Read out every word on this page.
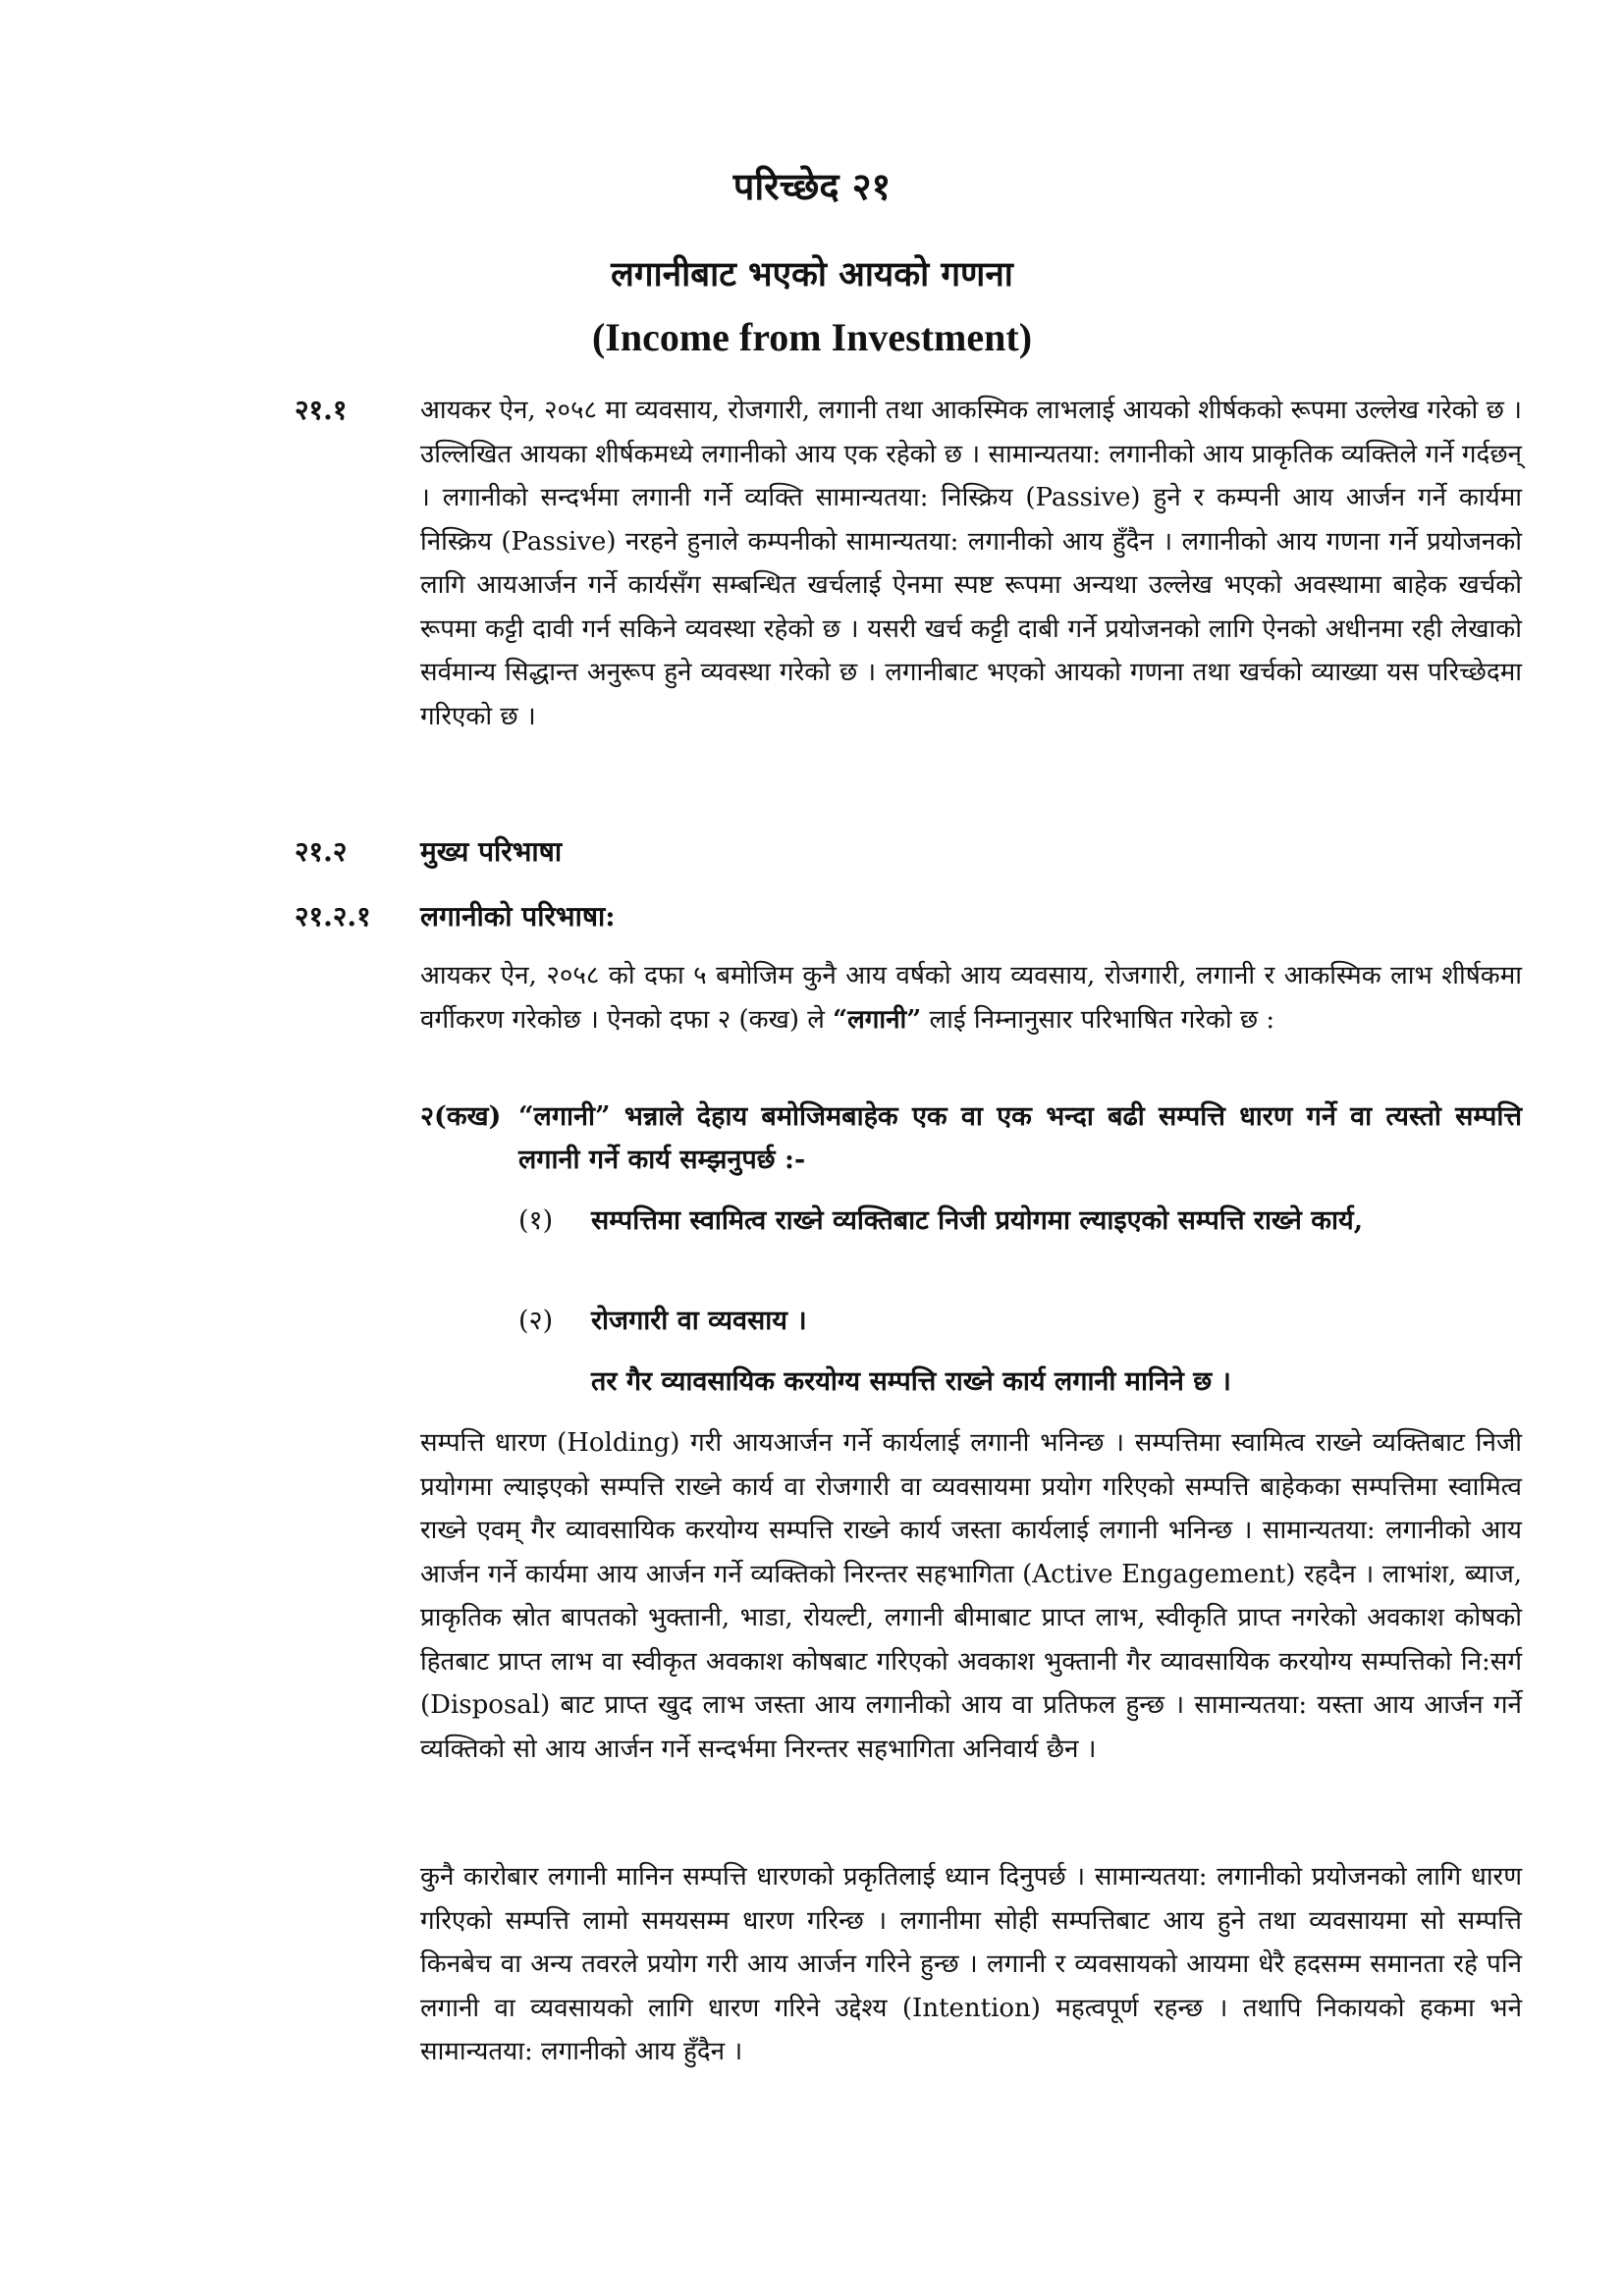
परिच्छेद २१
लगानीबाट भएको आयको गणना
(Income from Investment)
२१.१	आयकर ऐन, २०५८ मा व्यवसाय, रोजगारी, लगानी तथा आकस्मिक लाभलाई आयको शीर्षकको रूपमा उल्लेख गरेको छ । उल्लिखित आयका शीर्षकमध्ये लगानीको आय एक रहेको छ । सामान्यतया: लगानीको आय प्राकृतिक व्यक्तिले गर्ने गर्दछन् । लगानीको सन्दर्भमा लगानी गर्ने व्यक्ति सामान्यतया: निस्क्रिय (Passive) हुने र कम्पनी आय आर्जन गर्ने कार्यमा निस्क्रिय (Passive) नरहने हुनाले कम्पनीको सामान्यतया: लगानीको आय हुँदैन । लगानीको आय गणना गर्ने प्रयोजनको लागि आयआर्जन गर्ने कार्यसँग सम्बन्धित खर्चलाई ऐनमा स्पष्ट रूपमा अन्यथा उल्लेख भएको अवस्थामा बाहेक खर्चको रूपमा कट्टी दावी गर्न सकिने व्यवस्था रहेको छ । यसरी खर्च कट्टी दाबी गर्ने प्रयोजनको लागि ऐनको अधीनमा रही लेखाको सर्वमान्य सिद्धान्त अनुरूप हुने व्यवस्था गरेको छ । लगानीबाट भएको आयको गणना तथा खर्चको व्याख्या यस परिच्छेदमा गरिएको छ ।

२१.२	मुख्य परिभाषा
२१.२.१ लगानीको परिभाषा:

आयकर ऐन, २०५८ को दफा ५ बमोजिम कुनै आय वर्षको आय व्यवसाय, रोजगारी, लगानी र आकस्मिक लाभ शीर्षकमा वर्गीकरण गरेकोछ । ऐनको दफा २ (कख) ले “लगानी” लाई निम्नानुसार परिभाषित गरेको छ :

२(कख) “लगानी” भन्नाले देहाय बमोजिमबाहेक एक वा एक भन्दा बढी सम्पत्ति धारण गर्ने वा त्यस्तो सम्पत्ति लगानी गर्ने कार्य सम्झनुपर्छ :-

(१) सम्पत्तिमा स्वामित्व राख्ने व्यक्तिबाट निजी प्रयोगमा ल्याइएको सम्पत्ति राख्ने कार्य,

(२) रोजगारी वा व्यवसाय ।

तर गैर व्यावसायिक करयोग्य सम्पत्ति राख्ने कार्य लगानी मानिने छ ।

सम्पत्ति धारण (Holding) गरी आयआर्जन गर्ने कार्यलाई लगानी भनिन्छ । सम्पत्तिमा स्वामित्व राख्ने व्यक्तिबाट निजी प्रयोगमा ल्याइएको सम्पत्ति राख्ने कार्य वा रोजगारी वा व्यवसायमा प्रयोग गरिएको सम्पत्ति बाहेकका सम्पत्तिमा स्वामित्व राख्ने एवम् गैर व्यावसायिक करयोग्य सम्पत्ति राख्ने कार्य जस्ता कार्यलाई लगानी भनिन्छ । सामान्यतया: लगानीको आय आर्जन गर्ने कार्यमा आय आर्जन गर्ने व्यक्तिको निरन्तर सहभागिता (Active Engagement) रहदैन । लाभांश, ब्याज, प्राकृतिक स्रोत बापतको भुक्तानी, भाडा, रोयल्टी, लगानी बीमाबाट प्राप्त लाभ, स्वीकृति प्राप्त नगरेको अवकाश कोषको हितबाट प्राप्त लाभ वा स्वीकृत अवकाश कोषबाट गरिएको अवकाश भुक्तानी गैर व्यावसायिक करयोग्य सम्पत्तिको नि:सर्ग (Disposal) बाट प्राप्त खुद लाभ जस्ता आय लगानीको आय वा प्रतिफल हुन्छ । सामान्यतया: यस्ता आय आर्जन गर्ने व्यक्तिको सो आय आर्जन गर्ने सन्दर्भमा निरन्तर सहभागिता अनिवार्य छैन ।

कुनै कारोबार लगानी मानिन सम्पत्ति धारणको प्रकृतिलाई ध्यान दिनुपर्छ । सामान्यतया: लगानीको प्रयोजनको लागि धारण गरिएको सम्पत्ति लामो समयसम्म धारण गरिन्छ । लगानीमा सोही सम्पत्तिबाट आय हुने तथा व्यवसायमा सो सम्पत्ति किनबेच वा अन्य तवरले प्रयोग गरी आय आर्जन गरिने हुन्छ । लगानी र व्यवसायको आयमा धेरै हदसम्म समानता रहे पनि लगानी वा व्यवसायको लागि धारण गरिने उद्देश्य (Intention) महत्वपूर्ण रहन्छ । तथापि निकायको हकमा भने सामान्यतया: लगानीको आय हुँदैन ।
